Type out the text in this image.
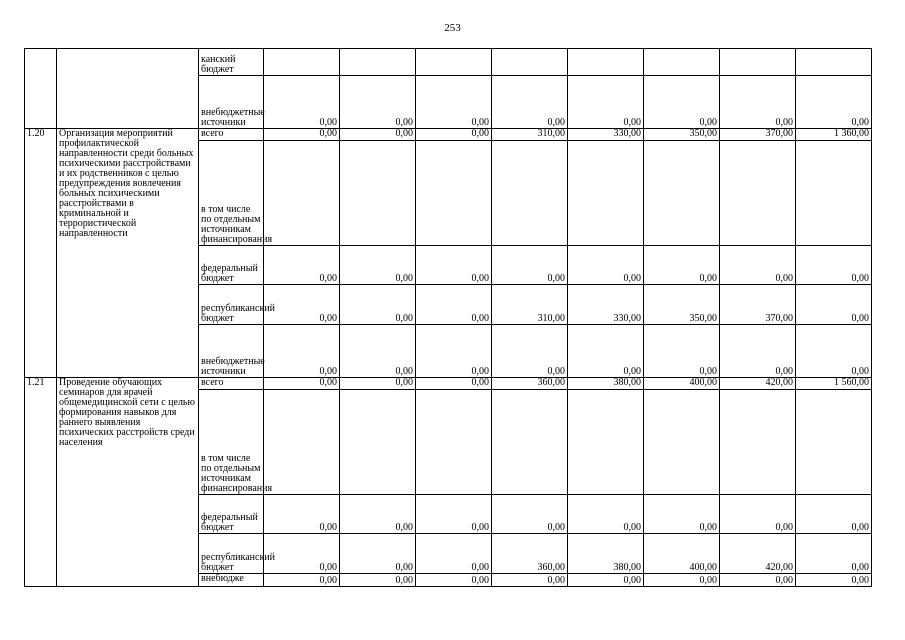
253
		канский бюджет								
		внебюджетные источники	0,00	0,00	0,00	0,00	0,00	0,00	0,00	0,00
1.20	Организация мероприятий профилактической направленности среди больных психическими расстройствами и их родственников с целью предупреждения вовлечения больных психическими расстройствами в криминальной и террористической направленности	всего	0,00	0,00	0,00	310,00	330,00	350,00	370,00	1 360,00
		в том числе по отдельным источникам финансирования								
		федеральный бюджет	0,00	0,00	0,00	0,00	0,00	0,00	0,00	0,00
		республиканский бюджет	0,00	0,00	0,00	310,00	330,00	350,00	370,00	0,00
		внебюджетные источники	0,00	0,00	0,00	0,00	0,00	0,00	0,00	0,00
1.21	Проведение обучающих семинаров для врачей общемедицинской сети с целью формирования навыков для раннего выявления психических расстройств среди населения	всего	0,00	0,00	0,00	360,00	380,00	400,00	420,00	1 560,00
		в том числе по отдельным источникам финансирования								
		федеральный бюджет	0,00	0,00	0,00	0,00	0,00	0,00	0,00	0,00
		республиканский бюджет	0,00	0,00	0,00	360,00	380,00	400,00	420,00	0,00
		внебюдже	0,00	0,00	0,00	0,00	0,00	0,00	0,00	0,00
